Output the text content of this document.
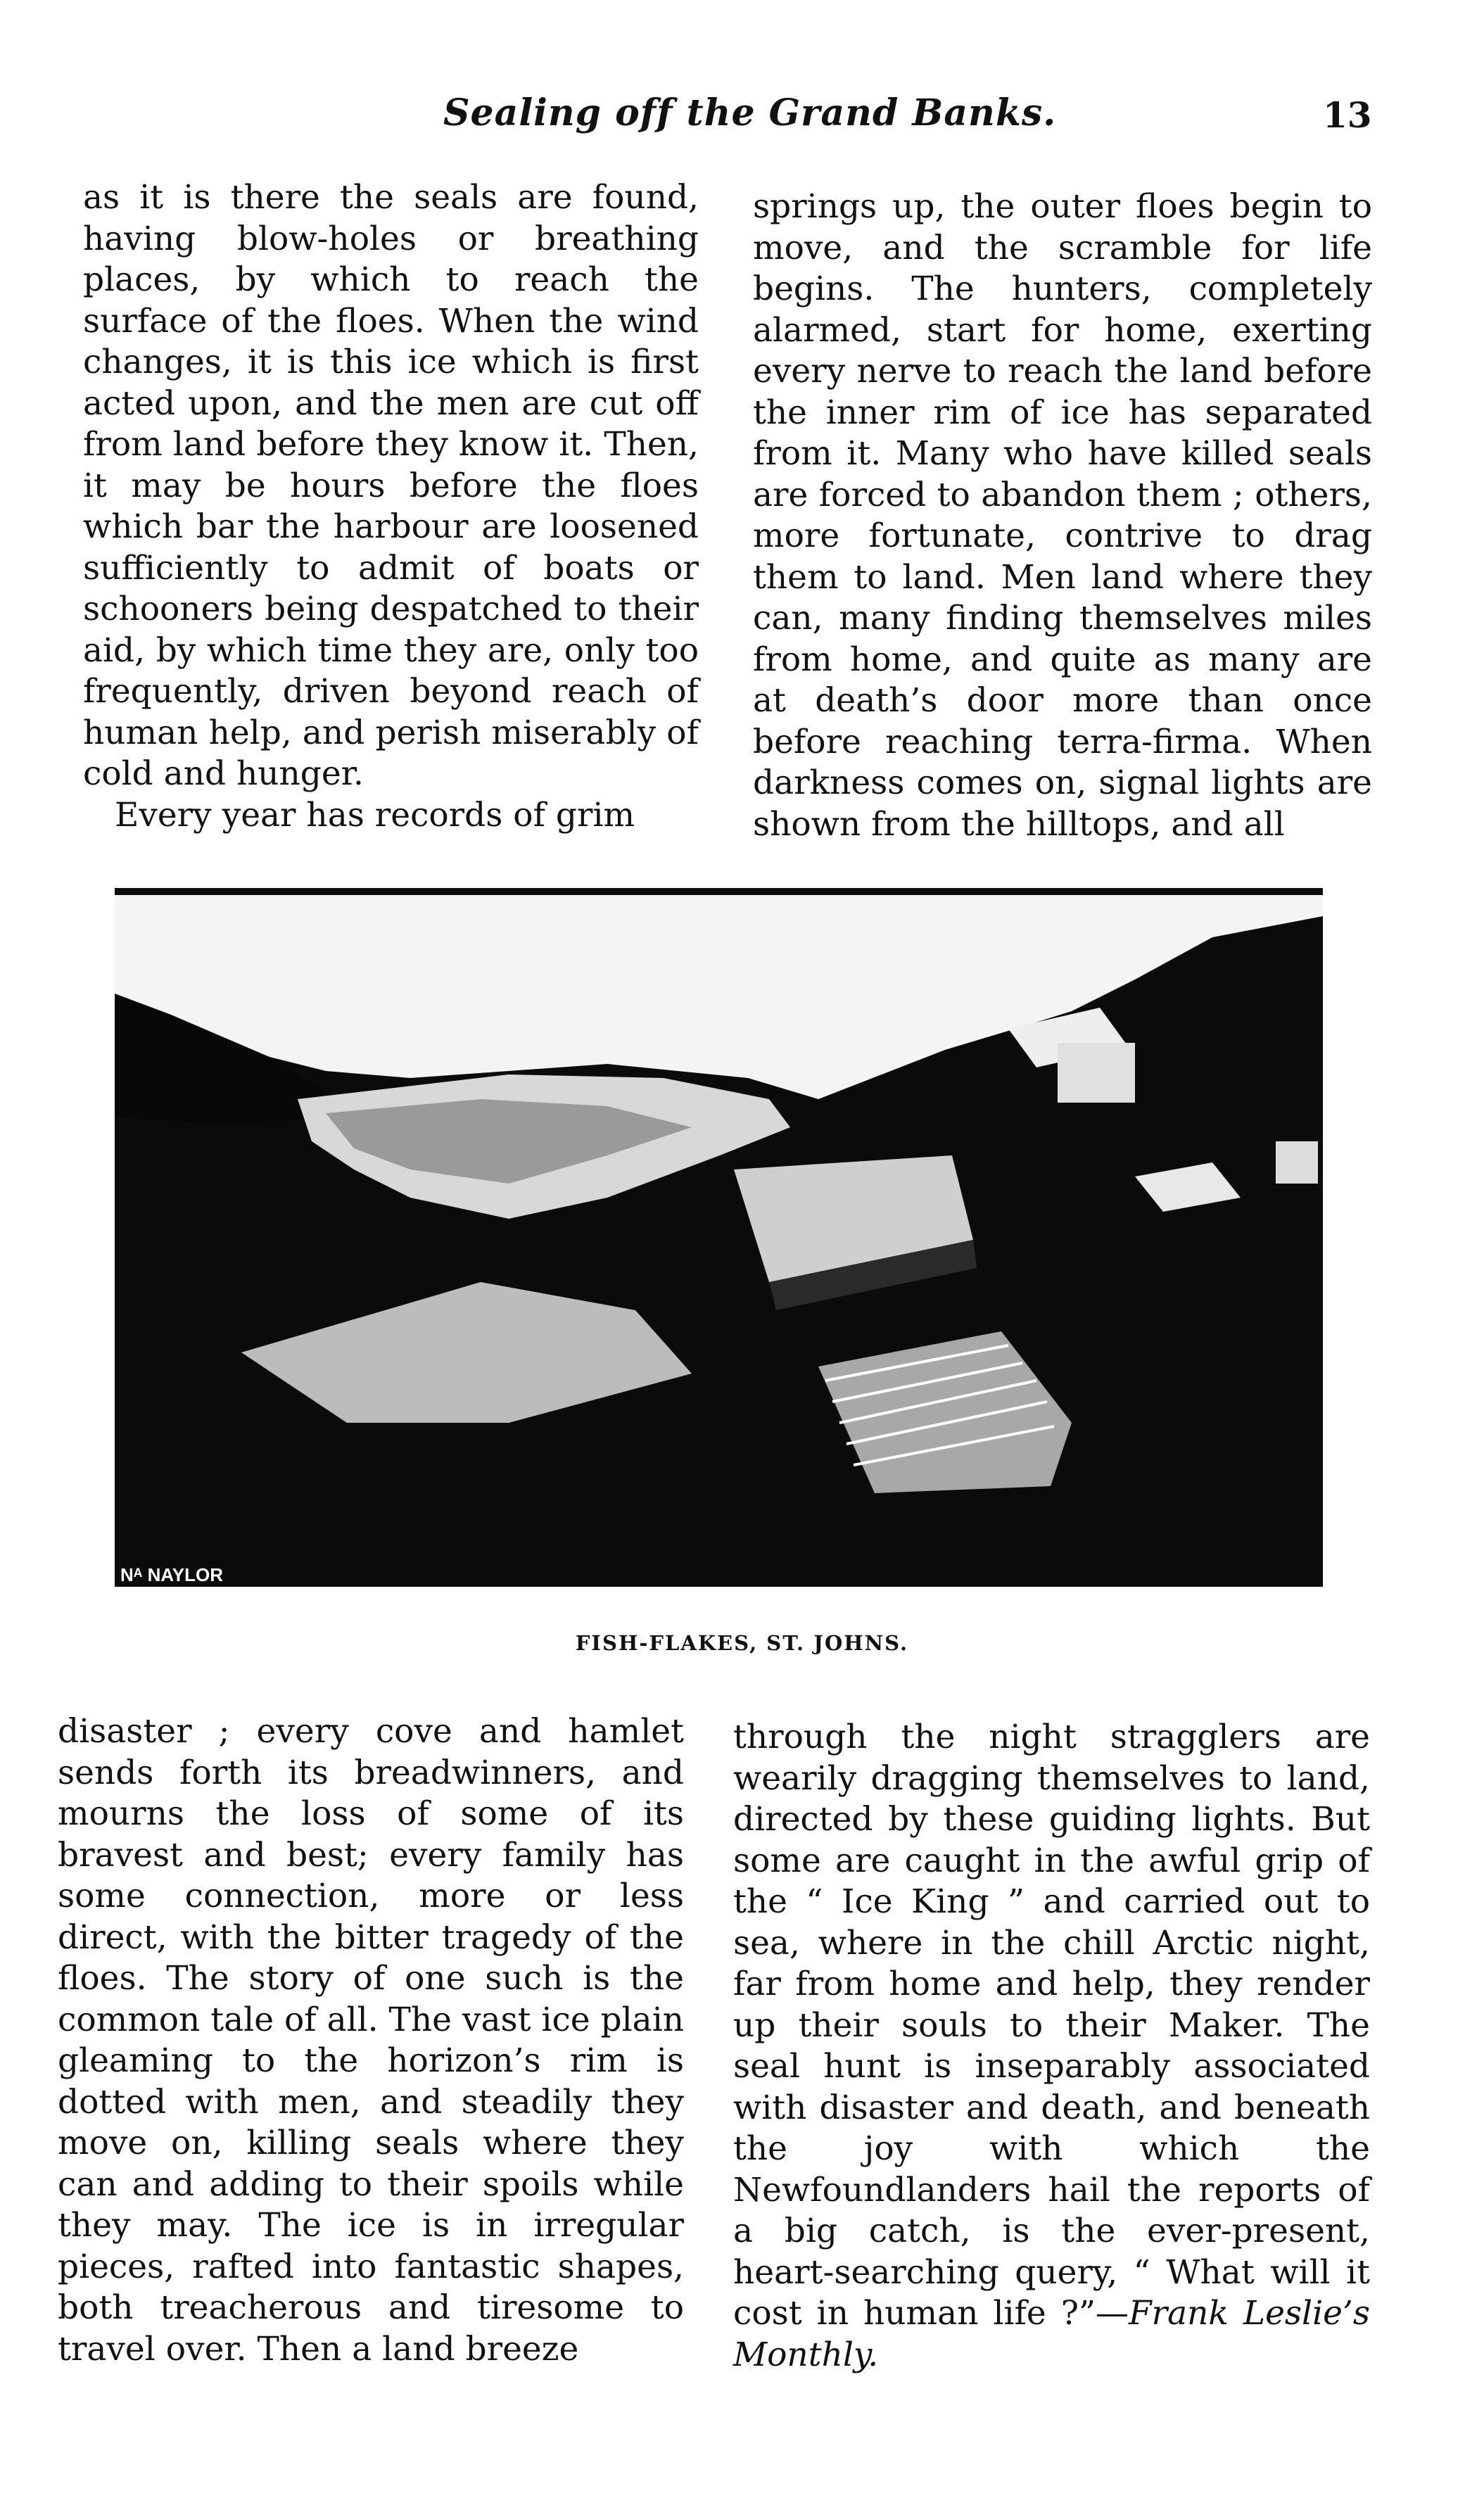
Sealing off the Grand Banks.	13

as it is there the seals are found, having blow-holes or breathing places, by which to reach the surface of the floes. When the wind changes, it is this ice which is first acted upon, and the men are cut off from land before they know it. Then, it may be hours before the floes which bar the harbour are loosened sufficiently to admit of boats or schooners being despatched to their aid, by which time they are, only too frequently, driven beyond reach of human help, and perish miserably of cold and hunger.

Every year has records of grim

springs up, the outer floes begin to move, and the scramble for life begins. The hunters, completely alarmed, start for home, exerting every nerve to reach the land before the inner rim of ice has separated from it. Many who have killed seals are forced to abandon them ; others, more fortunate, contrive to drag them to land. Men land where they can, many finding themselves miles from home, and quite as many are at death’s door more than once before reaching terra-firma. When darkness comes on, signal lights are shown from the hilltops, and all

Nᴬ NAYLOR
FISH-FLAKES, ST. JOHNS.

disaster ; every cove and hamlet sends forth its breadwinners, and mourns the loss of some of its bravest and best; every family has some connection, more or less direct, with the bitter tragedy of the floes. The story of one such is the common tale of all. The vast ice plain gleaming to the horizon’s rim is dotted with men, and steadily they move on, killing seals where they can and adding to their spoils while they may. The ice is in irregular pieces, rafted into fantastic shapes, both treacherous and tiresome to travel over. Then a land breeze

through the night stragglers are wearily dragging themselves to land, directed by these guiding lights. But some are caught in the awful grip of the “ Ice King ” and carried out to sea, where in the chill Arctic night, far from home and help, they render up their souls to their Maker. The seal hunt is inseparably associated with disaster and death, and beneath the joy with which the Newfoundlanders hail the reports of a big catch, is the ever-present, heart-searching query, “ What will it cost in human life ?”—Frank Leslie’s Monthly.
